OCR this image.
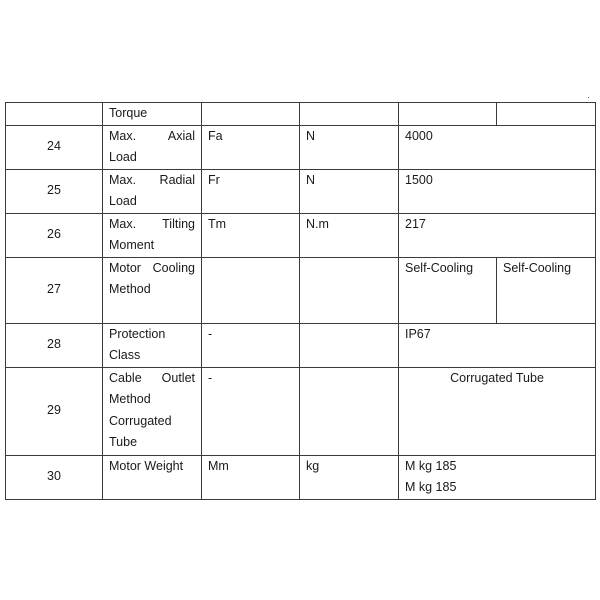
	Torque				
24	Max. Axial Load	Fa	N	4000	
25	Max. Radial Load	Fr	N	1500	
26	Max. Tilting Moment	Tm	N.m	217	
27	Motor Cooling Method			Self-Cooling	Self-Cooling
28	Protection Class	-		IP67	
29	Cable Outlet Method Corrugated Tube	-		Corrugated Tube	
30	Motor Weight	Mm	kg	M kg 185
M kg 185	
